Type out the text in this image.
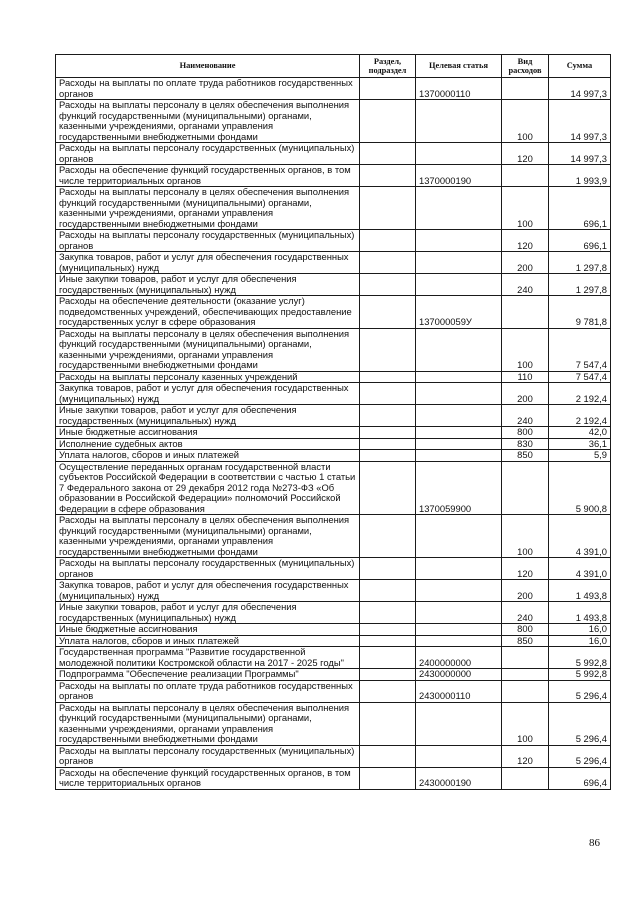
Наименование	Раздел, подраздел	Целевая статья	Вид расходов	Сумма
Расходы на выплаты по оплате труда работников государственных органов		1370000110		14 997,3
Расходы на выплаты персоналу в целях обеспечения выполнения функций государственными (муниципальными) органами, казенными учреждениями, органами управления государственными внебюджетными фондами			100	14 997,3
Расходы на выплаты персоналу государственных (муниципальных) органов			120	14 997,3
Расходы на обеспечение функций государственных органов, в том числе территориальных органов		1370000190		1 993,9
Расходы на выплаты персоналу в целях обеспечения выполнения функций государственными (муниципальными) органами, казенными учреждениями, органами управления государственными внебюджетными фондами			100	696,1
Расходы на выплаты персоналу государственных (муниципальных) органов			120	696,1
Закупка товаров, работ и услуг для обеспечения государственных (муниципальных) нужд			200	1 297,8
Иные закупки товаров, работ и услуг для обеспечения государственных (муниципальных) нужд			240	1 297,8
Расходы на обеспечение деятельности (оказание услуг) подведомственных учреждений, обеспечивающих предоставление государственных услуг в сфере образования		137000059У		9 781,8
Расходы на выплаты персоналу в целях обеспечения выполнения функций государственными (муниципальными) органами, казенными учреждениями, органами управления государственными внебюджетными фондами			100	7 547,4
Расходы на выплаты персоналу казенных учреждений			110	7 547,4
Закупка товаров, работ и услуг для обеспечения государственных (муниципальных) нужд			200	2 192,4
Иные закупки товаров, работ и услуг для обеспечения государственных (муниципальных) нужд			240	2 192,4
Иные бюджетные ассигнования			800	42,0
Исполнение судебных актов			830	36,1
Уплата налогов, сборов и иных платежей			850	5,9
Осуществление переданных органам государственной власти субъектов Российской Федерации в соответствии с частью 1 статьи 7 Федерального закона от 29 декабря 2012 года №273-ФЗ «Об образовании в Российской Федерации» полномочий Российской Федерации в сфере образования		1370059900		5 900,8
Расходы на выплаты персоналу в целях обеспечения выполнения функций государственными (муниципальными) органами, казенными учреждениями, органами управления государственными внебюджетными фондами			100	4 391,0
Расходы на выплаты персоналу государственных (муниципальных) органов			120	4 391,0
Закупка товаров, работ и услуг для обеспечения государственных (муниципальных) нужд			200	1 493,8
Иные закупки товаров, работ и услуг для обеспечения государственных (муниципальных) нужд			240	1 493,8
Иные бюджетные ассигнования			800	16,0
Уплата налогов, сборов и иных платежей			850	16,0
Государственная программа "Развитие государственной молодежной политики Костромской области на 2017 - 2025 годы"		2400000000		5 992,8
Подпрограмма "Обеспечение реализации Программы"		2430000000		5 992,8
Расходы на выплаты по оплате труда работников государственных органов		2430000110		5 296,4
Расходы на выплаты персоналу в целях обеспечения выполнения функций государственными (муниципальными) органами, казенными учреждениями, органами управления государственными внебюджетными фондами			100	5 296,4
Расходы на выплаты персоналу государственных (муниципальных) органов			120	5 296,4
Расходы на обеспечение функций государственных органов, в том числе территориальных органов		2430000190		696,4
86
